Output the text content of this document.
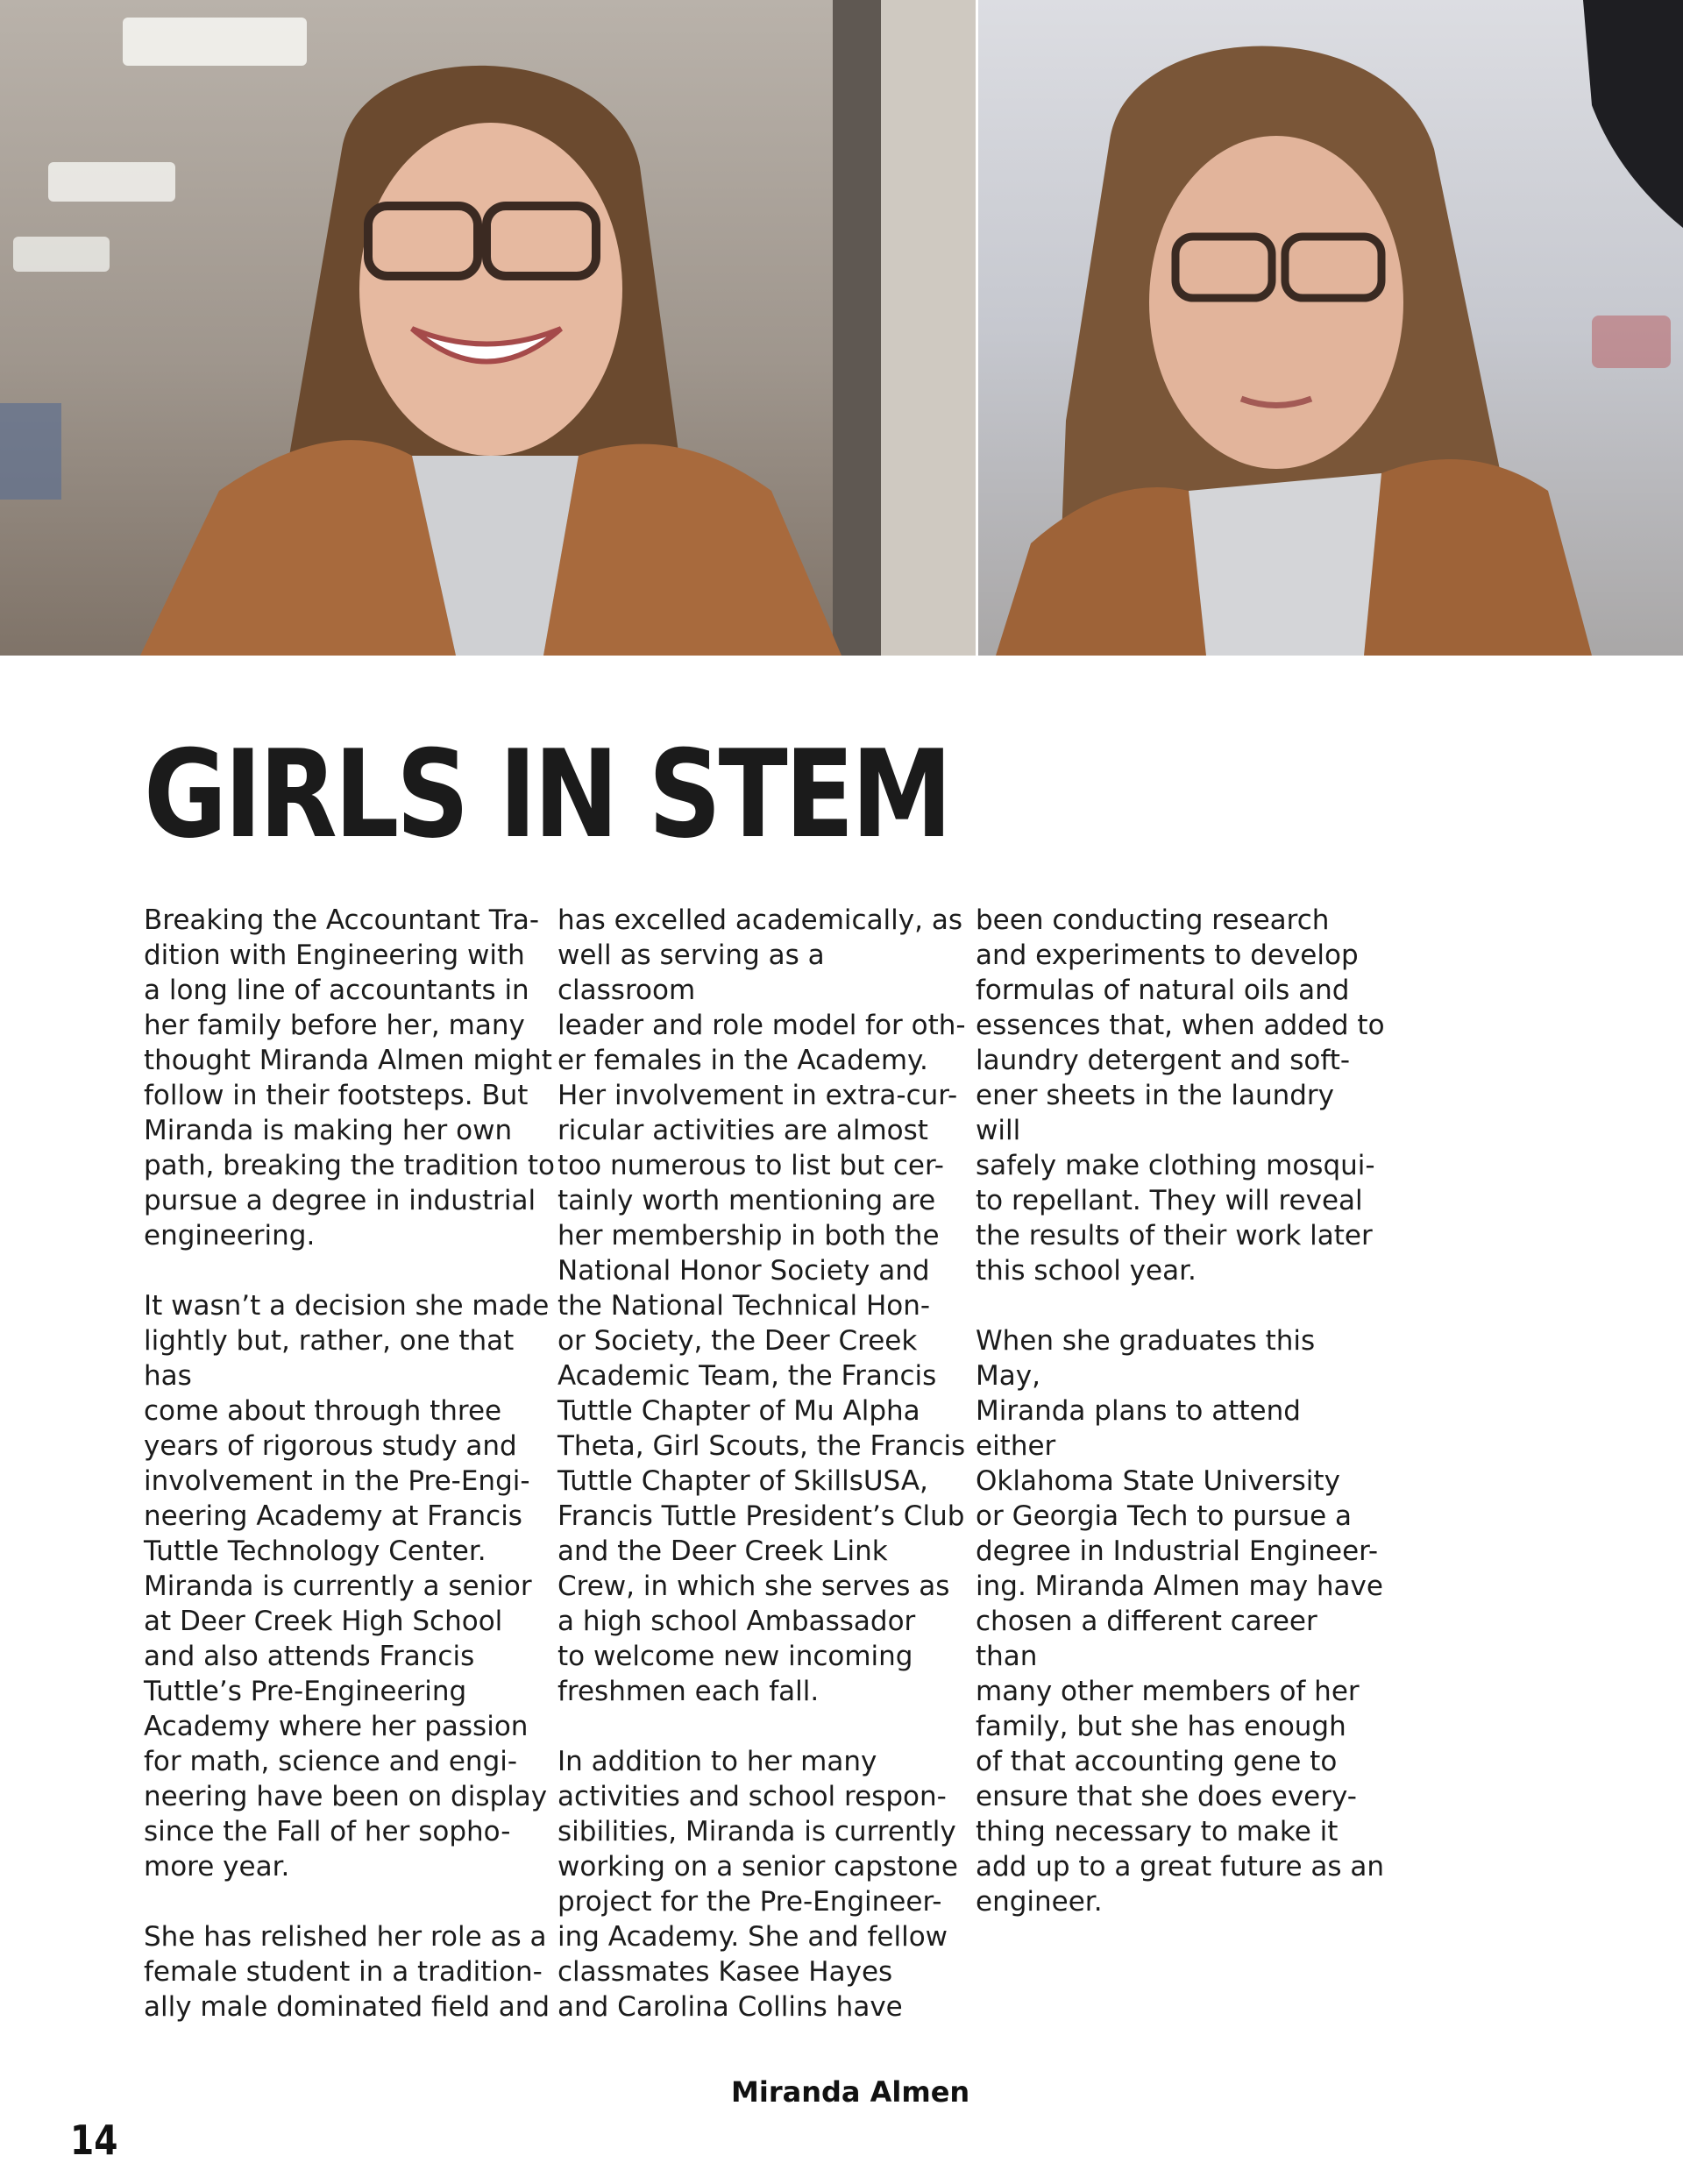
GIRLS IN STEM
Breaking the Accountant Tra-
dition with Engineering with
a long line of accountants in
her family before her, many
thought Miranda Almen might
follow in their footsteps. But
Miranda is making her own
path, breaking the tradition to
pursue a degree in industrial
engineering.

It wasn’t a decision she made
lightly but, rather, one that has
come about through three
years of rigorous study and
involvement in the Pre-Engi-
neering Academy at Francis
Tuttle Technology Center.
Miranda is currently a senior
at Deer Creek High School
and also attends Francis
Tuttle’s Pre-Engineering
Academy where her passion
for math, science and engi-
neering have been on display
since the Fall of her sopho-
more year.

She has relished her role as a
female student in a tradition-
ally male dominated field and
has excelled academically, as
well as serving as a classroom
leader and role model for oth-
er females in the Academy.
Her involvement in extra-cur-
ricular activities are almost
too numerous to list but cer-
tainly worth mentioning are
her membership in both the
National Honor Society and
the National Technical Hon-
or Society, the Deer Creek
Academic Team, the Francis
Tuttle Chapter of Mu Alpha
Theta, Girl Scouts, the Francis
Tuttle Chapter of SkillsUSA,
Francis Tuttle President’s Club
and the Deer Creek Link
Crew, in which she serves as
a high school Ambassador
to welcome new incoming
freshmen each fall.

In addition to her many
activities and school respon-
sibilities, Miranda is currently
working on a senior capstone
project for the Pre-Engineer-
ing Academy. She and fellow
classmates Kasee Hayes
and Carolina Collins have
been conducting research
and experiments to develop
formulas of natural oils and
essences that, when added to
laundry detergent and soft-
ener sheets in the laundry will
safely make clothing mosqui-
to repellant. They will reveal
the results of their work later
this school year.

When she graduates this May,
Miranda plans to attend either
Oklahoma State University
or Georgia Tech to pursue a
degree in Industrial Engineer-
ing. Miranda Almen may have
chosen a different career than
many other members of her
family, but she has enough
of that accounting gene to
ensure that she does every-
thing necessary to make it
add up to a great future as an
engineer.
Miranda Almen
14
